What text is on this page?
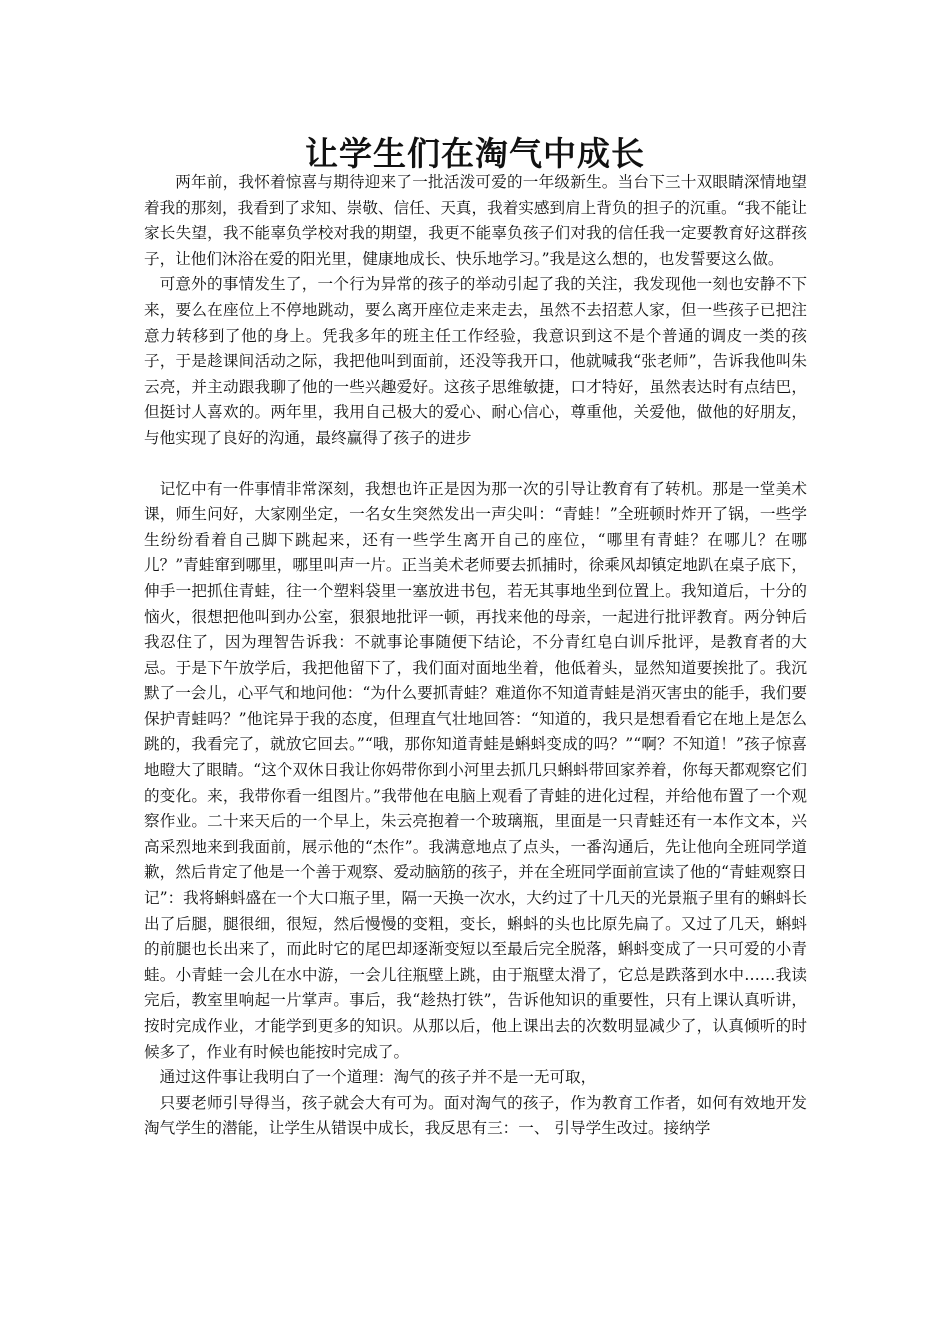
让学生们在淘气中成长

两年前，我怀着惊喜与期待迎来了一批活泼可爱的一年级新生。当台下三十双眼睛深情地望着我的那刻，我看到了求知、崇敬、信任、天真，我着实感到肩上背负的担子的沉重。“我不能让家长失望，我不能辜负学校对我的期望，我更不能辜负孩子们对我的信任我一定要教育好这群孩子，让他们沐浴在爱的阳光里，健康地成长、快乐地学习。”我是这么想的，也发誓要这么做。

可意外的事情发生了，一个行为异常的孩子的举动引起了我的关注，我发现他一刻也安静不下来，要么在座位上不停地跳动，要么离开座位走来走去，虽然不去招惹人家，但一些孩子已把注意力转移到了他的身上。凭我多年的班主任工作经验，我意识到这不是个普通的调皮一类的孩子，于是趁课间活动之际，我把他叫到面前，还没等我开口，他就喊我“张老师”，告诉我他叫朱云亮，并主动跟我聊了他的一些兴趣爱好。这孩子思维敏捷，口才特好，虽然表达时有点结巴，但挺讨人喜欢的。两年里，我用自己极大的爱心、耐心信心，尊重他，关爱他，做他的好朋友，与他实现了良好的沟通，最终赢得了孩子的进步

记忆中有一件事情非常深刻，我想也许正是因为那一次的引导让教育有了转机。那是一堂美术课，师生问好，大家刚坐定，一名女生突然发出一声尖叫：“青蛙！”全班顿时炸开了锅，一些学生纷纷看着自己脚下跳起来，还有一些学生离开自己的座位，“哪里有青蛙？在哪儿？在哪儿？”青蛙窜到哪里，哪里叫声一片。正当美术老师要去抓捕时，徐乘风却镇定地趴在桌子底下，伸手一把抓住青蛙，往一个塑料袋里一塞放进书包，若无其事地坐到位置上。我知道后，十分的恼火，很想把他叫到办公室，狠狠地批评一顿，再找来他的母亲，一起进行批评教育。两分钟后我忍住了，因为理智告诉我：不就事论事随便下结论，不分青红皂白训斥批评，是教育者的大忌。于是下午放学后，我把他留下了，我们面对面地坐着，他低着头，显然知道要挨批了。我沉默了一会儿，心平气和地问他：“为什么要抓青蛙？难道你不知道青蛙是消灭害虫的能手，我们要保护青蛙吗？”他诧异于我的态度，但理直气壮地回答：“知道的，我只是想看看它在地上是怎么跳的，我看完了，就放它回去。”“哦，那你知道青蛙是蝌蚪变成的吗？”“啊？不知道！”孩子惊喜地瞪大了眼睛。“这个双休日我让你妈带你到小河里去抓几只蝌蚪带回家养着，你每天都观察它们的变化。来，我带你看一组图片。”我带他在电脑上观看了青蛙的进化过程，并给他布置了一个观察作业。二十来天后的一个早上，朱云亮抱着一个玻璃瓶，里面是一只青蛙还有一本作文本，兴高采烈地来到我面前，展示他的“杰作”。我满意地点了点头，一番沟通后，先让他向全班同学道歉，然后肯定了他是一个善于观察、爱动脑筋的孩子，并在全班同学面前宣读了他的“青蛙观察日记”：我将蝌蚪盛在一个大口瓶子里，隔一天换一次水，大约过了十几天的光景瓶子里有的蝌蚪长出了后腿，腿很细，很短，然后慢慢的变粗，变长，蝌蚪的头也比原先扁了。又过了几天，蝌蚪的前腿也长出来了，而此时它的尾巴却逐渐变短以至最后完全脱落，蝌蚪变成了一只可爱的小青蛙。小青蛙一会儿在水中游，一会儿往瓶壁上跳，由于瓶壁太滑了，它总是跌落到水中……我读完后，教室里响起一片掌声。事后，我“趁热打铁”，告诉他知识的重要性，只有上课认真听讲，按时完成作业，才能学到更多的知识。从那以后，他上课出去的次数明显减少了，认真倾听的时候多了，作业有时候也能按时完成了。

通过这件事让我明白了一个道理：淘气的孩子并不是一无可取，

只要老师引导得当，孩子就会大有可为。面对淘气的孩子，作为教育工作者，如何有效地开发淘气学生的潜能，让学生从错误中成长，我反思有三：一、 引导学生改过。接纳学
